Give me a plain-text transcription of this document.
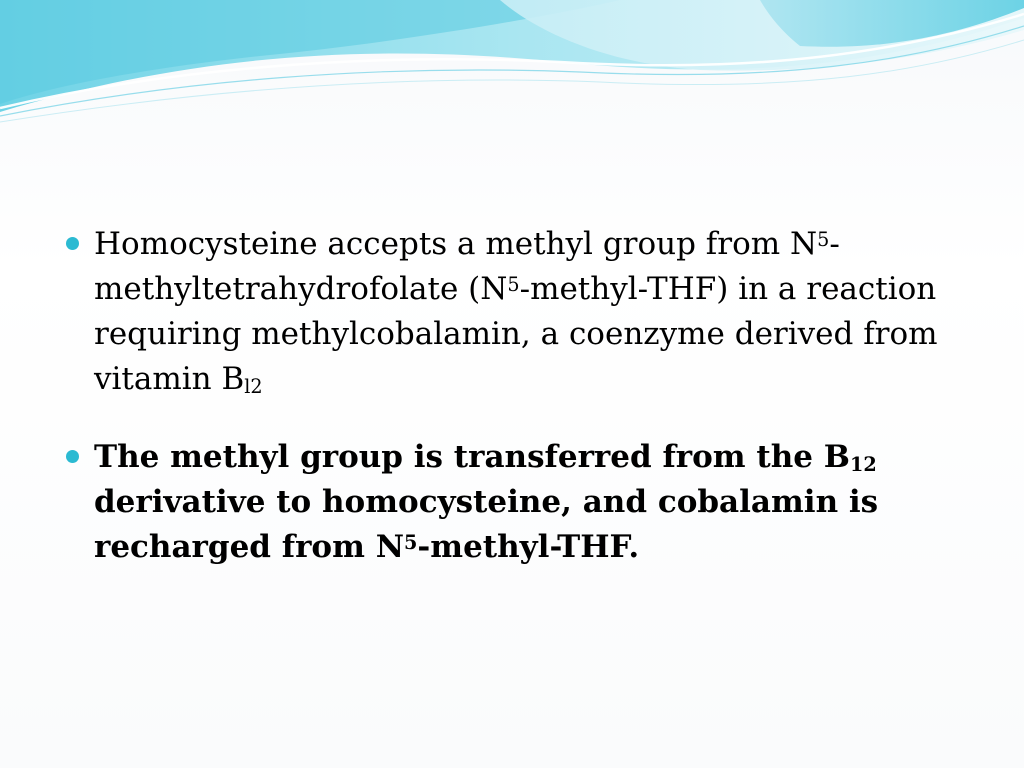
Homocysteine accepts a methyl group from $N^5-$
methyltetrahydrofolate $(N^5-methyl-THF)$ in a reaction
requiring methylcobalamin, a coenzyme derived from
vitamin $B_{l2}$
The methyl group is transferred from the $B_{12}$
derivative to homocysteine, and cobalamin is
recharged from $N^5-methyl$-THF.
